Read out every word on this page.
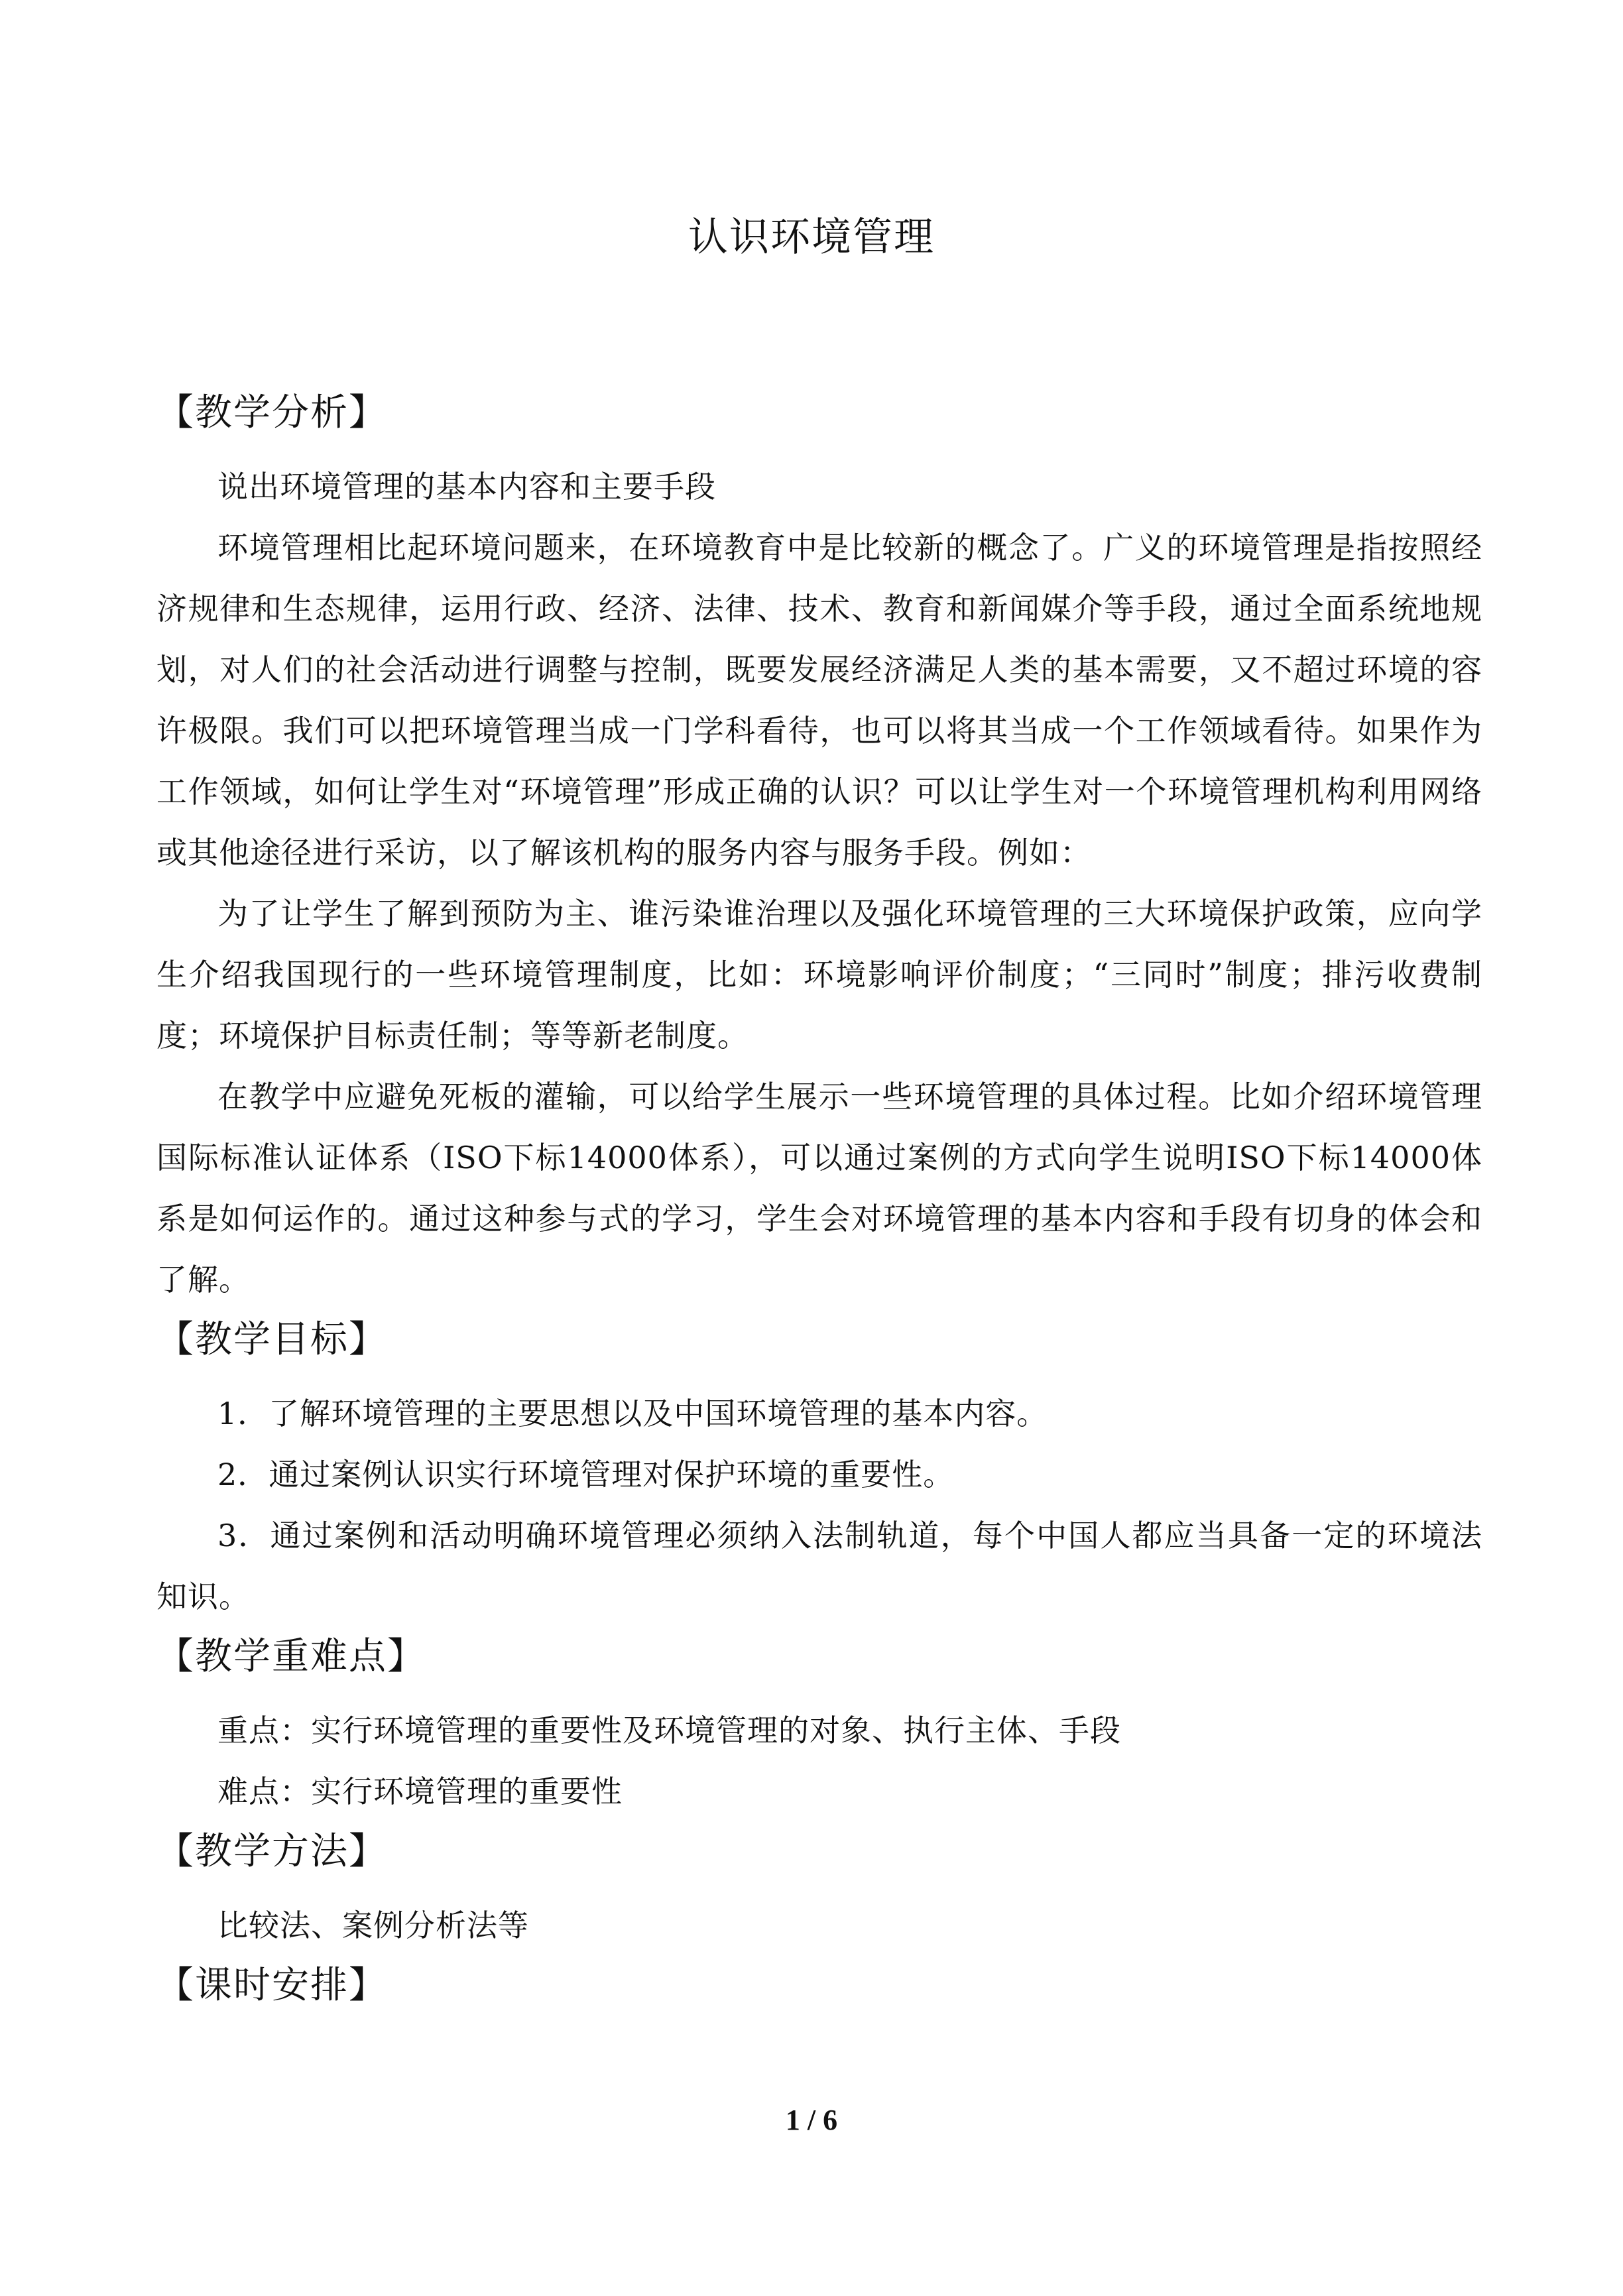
认识环境管理
【教学分析】

说出环境管理的基本内容和主要手段

环境管理相比起环境问题来，在环境教育中是比较新的概念了。广义的环境管理是指按照经济规律和生态规律，运用行政、经济、法律、技术、教育和新闻媒介等手段，通过全面系统地规划，对人们的社会活动进行调整与控制，既要发展经济满足人类的基本需要，又不超过环境的容许极限。我们可以把环境管理当成一门学科看待，也可以将其当成一个工作领域看待。如果作为工作领域，如何让学生对“环境管理”形成正确的认识？可以让学生对一个环境管理机构利用网络或其他途径进行采访，以了解该机构的服务内容与服务手段。例如：

为了让学生了解到预防为主、谁污染谁治理以及强化环境管理的三大环境保护政策，应向学生介绍我国现行的一些环境管理制度，比如：环境影响评价制度；“三同时”制度；排污收费制度；环境保护目标责任制；等等新老制度。

在教学中应避免死板的灌输，可以给学生展示一些环境管理的具体过程。比如介绍环境管理国际标准认证体系（ISO下标14000体系），可以通过案例的方式向学生说明ISO下标14000体系是如何运作的。通过这种参与式的学习，学生会对环境管理的基本内容和手段有切身的体会和了解。

【教学目标】

1．了解环境管理的主要思想以及中国环境管理的基本内容。

2．通过案例认识实行环境管理对保护环境的重要性。

3．通过案例和活动明确环境管理必须纳入法制轨道，每个中国人都应当具备一定的环境法知识。

【教学重难点】

重点：实行环境管理的重要性及环境管理的对象、执行主体、手段

难点：实行环境管理的重要性

【教学方法】

比较法、案例分析法等

【课时安排】
1 / 6
